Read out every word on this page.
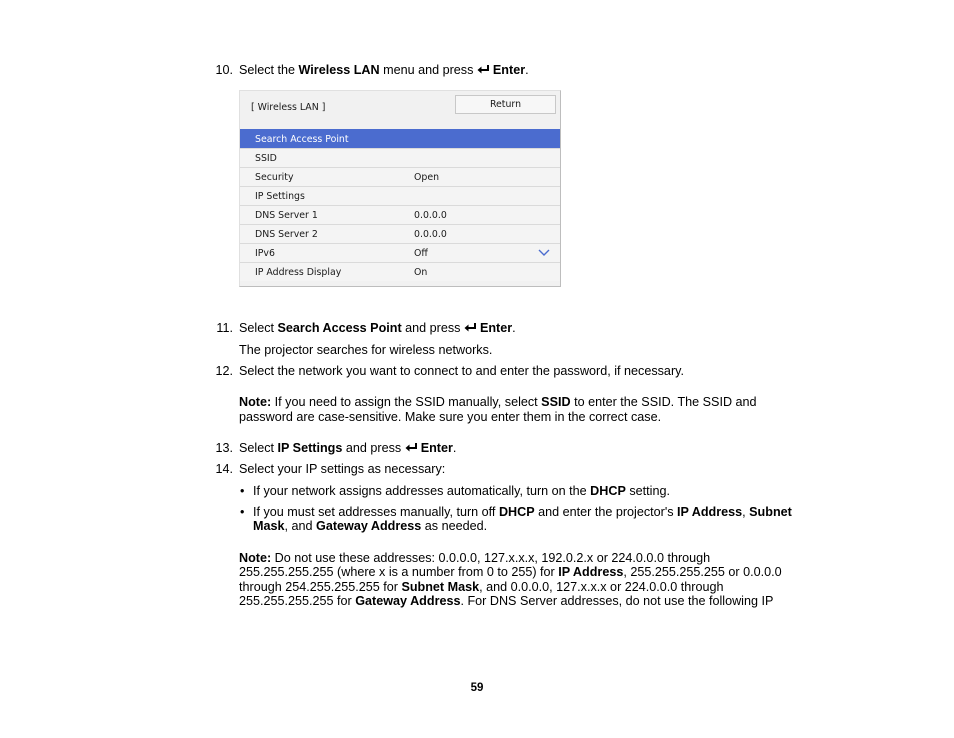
10. Select the Wireless LAN menu and press Enter.
[ Wireless LAN ]	Return
Search Access Point
SSID
Security	Open
IP Settings
DNS Server 1	0.0.0.0
DNS Server 2	0.0.0.0
IPv6	Off
IP Address Display	On
11. Select Search Access Point and press Enter.
The projector searches for wireless networks.
12. Select the network you want to connect to and enter the password, if necessary.
Note: If you need to assign the SSID manually, select SSID to enter the SSID. The SSID and
password are case-sensitive. Make sure you enter them in the correct case.
13. Select IP Settings and press Enter.
14. Select your IP settings as necessary:
• If your network assigns addresses automatically, turn on the DHCP setting.
• If you must set addresses manually, turn off DHCP and enter the projector's IP Address, Subnet
Mask, and Gateway Address as needed.
Note: Do not use these addresses: 0.0.0.0, 127.x.x.x, 192.0.2.x or 224.0.0.0 through
255.255.255.255 (where x is a number from 0 to 255) for IP Address, 255.255.255.255 or 0.0.0.0
through 254.255.255.255 for Subnet Mask, and 0.0.0.0, 127.x.x.x or 224.0.0.0 through
255.255.255.255 for Gateway Address. For DNS Server addresses, do not use the following IP
59
